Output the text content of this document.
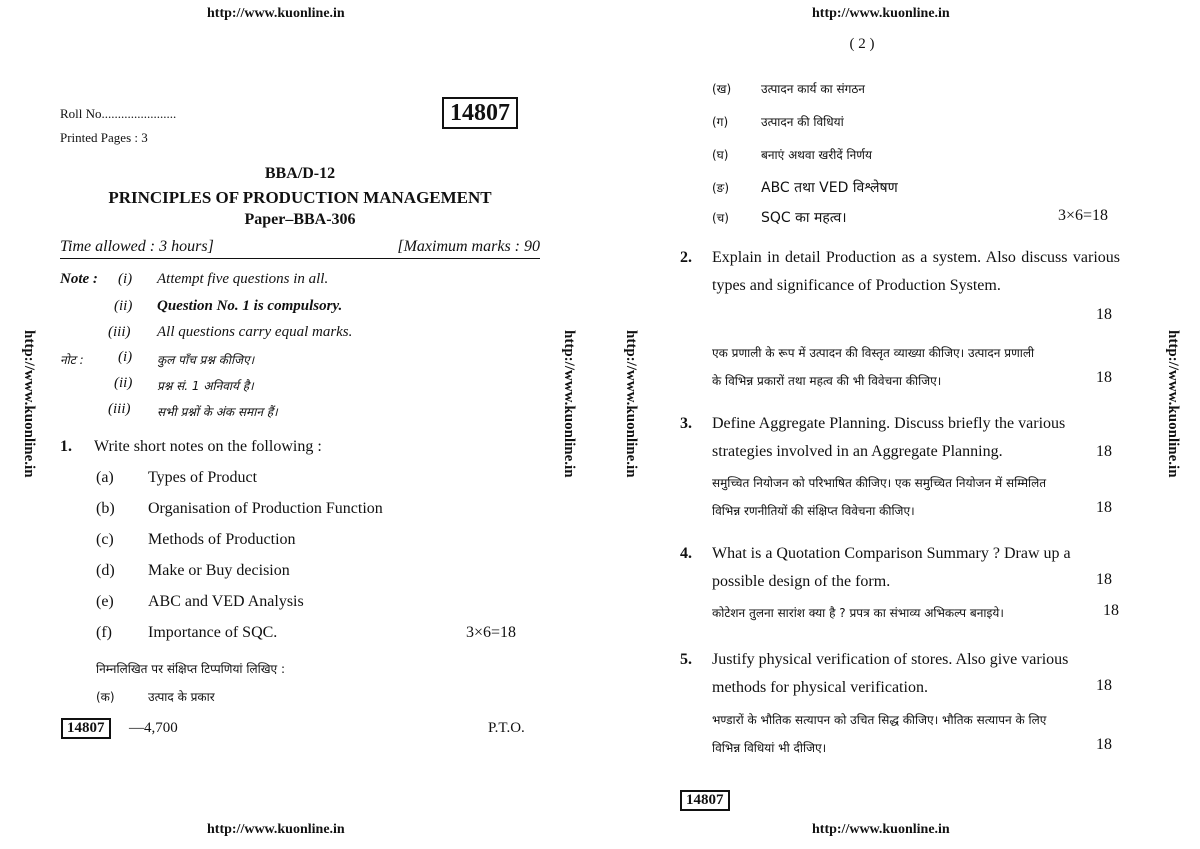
http://www.kuonline.in	http://www.kuonline.in
http://www.kuonline.in	http://www.kuonline.in
http://www.kuonline.in	http://www.kuonline.in	http://www.kuonline.in	http://www.kuonline.in
Roll No.......................	14807
Printed Pages : 3
BBA/D-12
PRINCIPLES OF PRODUCTION MANAGEMENT
Paper–BBA-306
Time allowed : 3 hours]	[Maximum marks : 90
Note : (i) Attempt five questions in all.
(ii) Question No. 1 is compulsory.
(iii) All questions carry equal marks.
नोट : (i) कुल पाँच प्रश्न कीजिए।
(ii) प्रश्न सं. 1 अनिवार्य है।
(iii) सभी प्रश्नों के अंक समान हैं।
1. Write short notes on the following :
(a) Types of Product
(b) Organisation of Production Function
(c) Methods of Production
(d) Make or Buy decision
(e) ABC and VED Analysis
(f) Importance of SQC.	3×6=18
निम्नलिखित पर संक्षिप्त टिप्पणियां लिखिए :
(क)	उत्पाद के प्रकार
14807	—4,700	P.T.O.
( 2 )
(ख) उत्पादन कार्य का संगठन
(ग)	उत्पादन की विधियां
(घ)	बनाएं अथवा खरीदें निर्णय
(ङ) ABC तथा VED विश्लेषण
(च) SQC का महत्व।	3×6=18
2. Explain in detail Production as a system. Also discuss various types and significance of Production System.
18
एक प्रणाली के रूप में उत्पादन की विस्तृत व्याख्या कीजिए। उत्पादन प्रणाली
के विभिन्न प्रकारों तथा महत्व की भी विवेचना कीजिए।	18
3. Define Aggregate Planning. Discuss briefly the various strategies involved in an Aggregate Planning.	18
समुच्चित नियोजन को परिभाषित कीजिए। एक समुच्चित नियोजन में सम्मिलित
विभिन्न रणनीतियों की संक्षिप्त विवेचना कीजिए।	18
4. What is a Quotation Comparison Summary ? Draw up a possible design of the form.	18
कोटेशन तुलना सारांश क्या है ? प्रपत्र का संभाव्य अभिकल्प बनाइये।	18
5. Justify physical verification of stores. Also give various methods for physical verification.	18
भण्डारों के भौतिक सत्यापन को उचित सिद्ध कीजिए। भौतिक सत्यापन के लिए
विभिन्न विधियां भी दीजिए।	18
14807
